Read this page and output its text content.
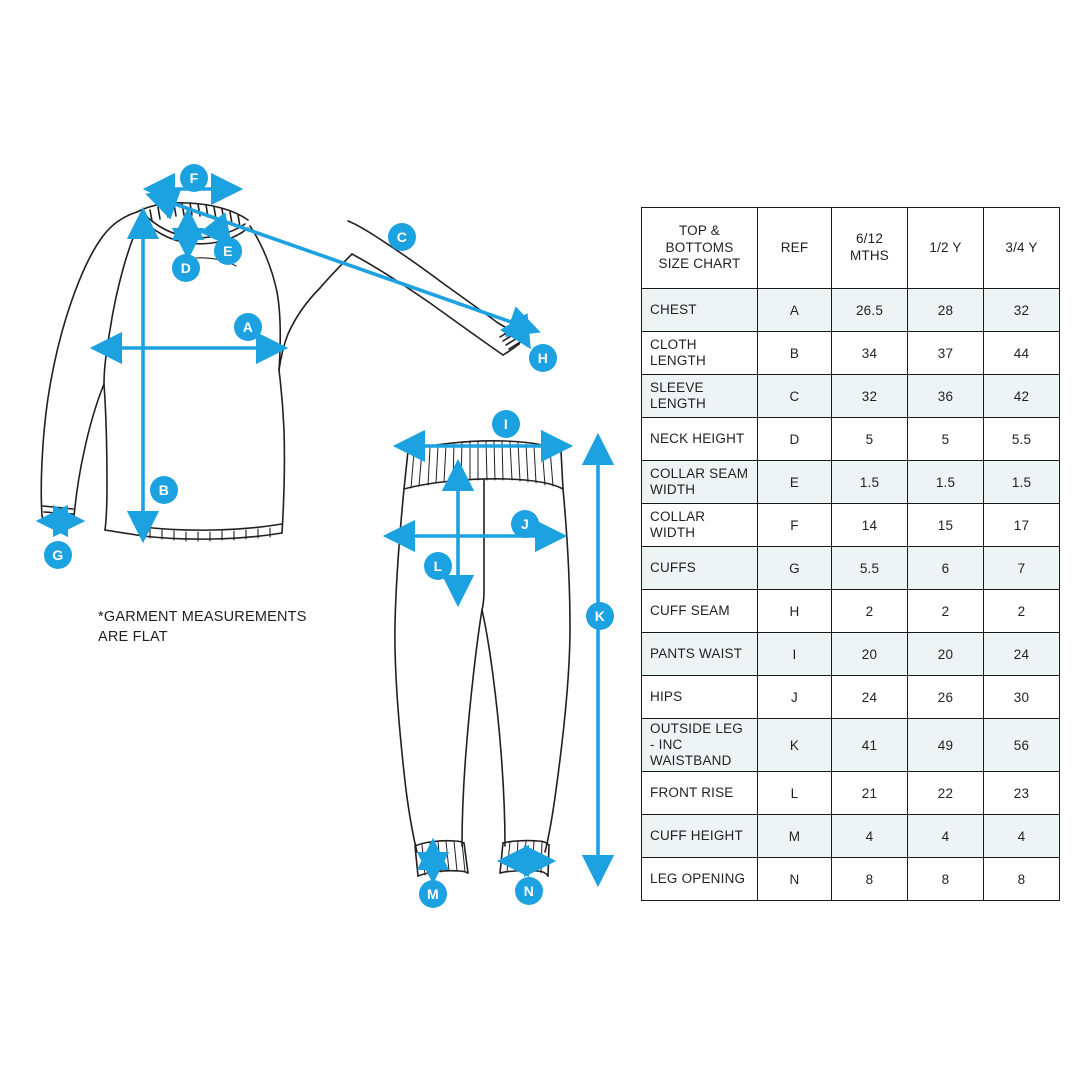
F
C
E
D
A
H
B
G
I
J
L
K
M	N
*GARMENT MEASUREMENTS
ARE FLAT
TOP & BOTTOMS SIZE CHART	REF	6/12 MTHS	1/2 Y	3/4 Y
CHEST	A	26.5	28	32
CLOTH LENGTH	B	34	37	44
SLEEVE LENGTH	C	32	36	42
NECK HEIGHT	D	5	5	5.5
COLLAR SEAM WIDTH	E	1.5	1.5	1.5
COLLAR WIDTH	F	14	15	17
CUFFS	G	5.5	6	7
CUFF SEAM	H	2	2	2
PANTS WAIST	I	20	20	24
HIPS	J	24	26	30
OUTSIDE LEG - INC WAISTBAND	K	41	49	56
FRONT RISE	L	21	22	23
CUFF HEIGHT	M	4	4	4
LEG OPENING	N	8	8	8
